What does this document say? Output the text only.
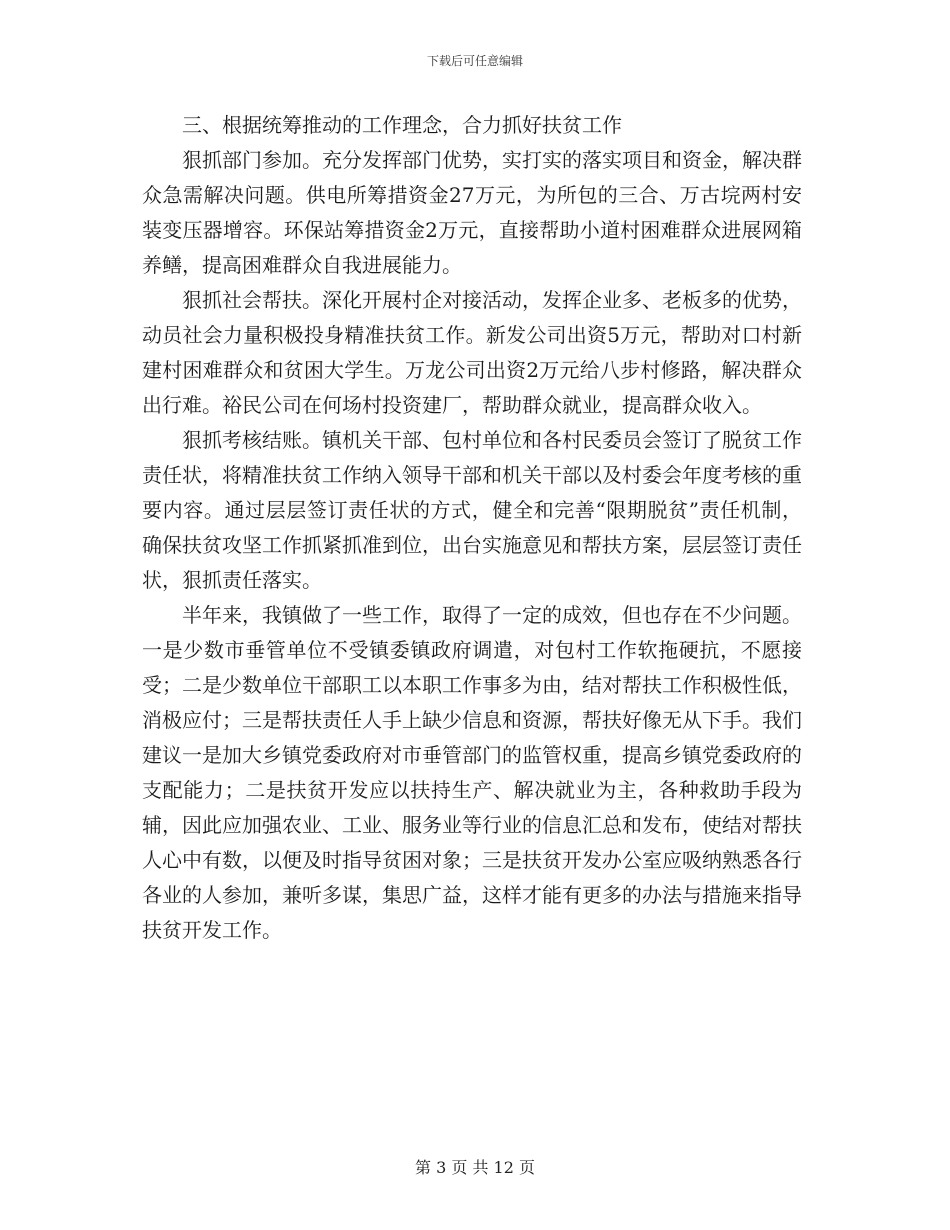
下载后可任意编辑

三、根据统筹推动的工作理念，合力抓好扶贫工作

狠抓部门参加。充分发挥部门优势，实打实的落实项目和资金，解决群众急需解决问题。供电所筹措资金27万元，为所包的三合、万古垸两村安装变压器增容。环保站筹措资金2万元，直接帮助小道村困难群众进展网箱养鳝，提高困难群众自我进展能力。

狠抓社会帮扶。深化开展村企对接活动，发挥企业多、老板多的优势，动员社会力量积极投身精准扶贫工作。新发公司出资5万元，帮助对口村新建村困难群众和贫困大学生。万龙公司出资2万元给八步村修路，解决群众出行难。裕民公司在何场村投资建厂，帮助群众就业，提高群众收入。

狠抓考核结账。镇机关干部、包村单位和各村民委员会签订了脱贫工作责任状，将精准扶贫工作纳入领导干部和机关干部以及村委会年度考核的重要内容。通过层层签订责任状的方式，健全和完善“限期脱贫”责任机制，确保扶贫攻坚工作抓紧抓准到位，出台实施意见和帮扶方案，层层签订责任状，狠抓责任落实。

半年来，我镇做了一些工作，取得了一定的成效，但也存在不少问题。一是少数市垂管单位不受镇委镇政府调遣，对包村工作软拖硬抗，不愿接受；二是少数单位干部职工以本职工作事多为由，结对帮扶工作积极性低，消极应付；三是帮扶责任人手上缺少信息和资源，帮扶好像无从下手。我们建议一是加大乡镇党委政府对市垂管部门的监管权重，提高乡镇党委政府的支配能力；二是扶贫开发应以扶持生产、解决就业为主，各种救助手段为辅，因此应加强农业、工业、服务业等行业的信息汇总和发布，使结对帮扶人心中有数，以便及时指导贫困对象；三是扶贫开发办公室应吸纳熟悉各行各业的人参加，兼听多谋，集思广益，这样才能有更多的办法与措施来指导扶贫开发工作。

第 3 页 共 12 页
